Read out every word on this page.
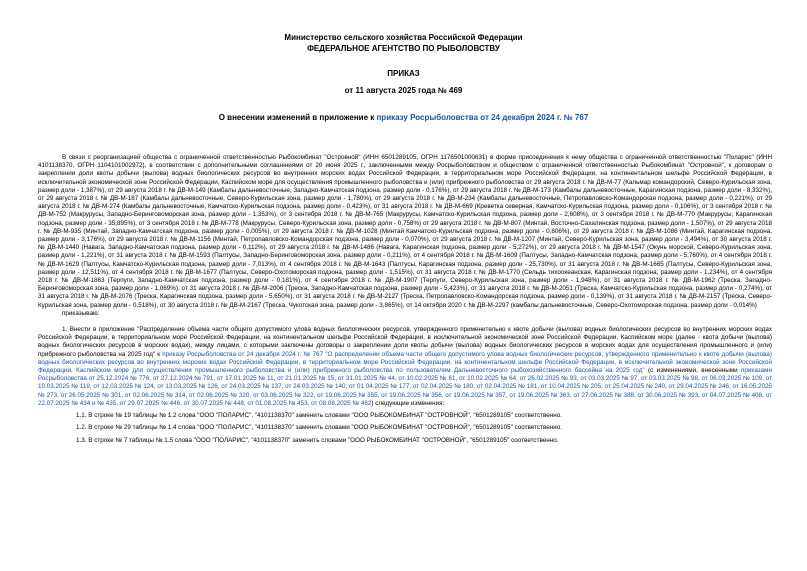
Министерство сельского хозяйства Российской Федерации
ФЕДЕРАЛЬНОЕ АГЕНТСТВО ПО РЫБОЛОВСТВУ
ПРИКАЗ
от 11 августа 2025 года № 469
О внесении изменений в приложение к приказу Росрыболовства от 24 декабря 2024 г. № 767

В связи с реорганизацией общества с ограниченной ответственностью Рыбокомбинат "Островной" (ИНН 6501289105, ОГРН 1176501000631) в форме присоединения к нему общества с ограниченной ответственностью "Поларис" (ИНН 4101138370, ОГРН 1104101002972), в соответствии с дополнительными соглашениями от 20 июня 2025 г., заключенными между Росрыболовством и обществом с ограниченной ответственностью Рыбокомбинат "Островной", к договорам о закреплении доли квоты добычи (вылова) водных биологических ресурсов во внутренних морских водах Российской Федерации, в территориальном море Российской Федерации, на континентальном шельфе Российской Федерации, в исключительной экономической зоне Российской Федерации, Каспийском море для осуществления промышленного рыболовства и (или) прибрежного рыболовства от 29 августа 2018 г. № ДВ-М-77 (Кальмар командорский, Северо-Курильская зона, размер доли - 1,387%), от 29 августа 2018 г. № ДВ-М-149 (Камбалы дальневосточные, Западно-Камчатская подзона, размер доли - 0,176%), от 29 августа 2018 г. № ДВ-М-173 (Камбалы дальневосточные, Карагинская подзона, размер доли - 8,332%), от 29 августа 2018 г. № ДВ-М-187 (Камбалы дальневосточные, Северо-Курильская зона, размер доли - 1,780%), от 29 августа 2018 г. № ДВ-М-234 (Камбалы дальневосточные, Петропавловско-Командорская подзона, размер доли - 0,221%), от 29 августа 2018 г. № ДВ-М-274 (Камбалы дальневосточные, Камчатско-Курильская подзона, размер доли - 0,423%), от 31 августа 2018 г. № ДВ-М-669 (Креветка северная, Камчатско-Курильская подзона, размер доли - 0,106%), от 3 сентября 2018 г. № ДВ-М-752 (Макрурусы, Западно-Беринговоморская зона, размер доли - 1,353%), от 3 сентября 2018 г. № ДВ-М-765 (Макрурусы, Камчатско-Курильская подзона, размер доли - 2,608%), от 3 сентября 2018 г. № ДВ-М-770 (Макрурусы, Карагинская подзона, размер доли - 35,895%), от 3 сентября 2018 г. № ДВ-М-778 (Макрурусы, Северо-Курильская зона, размер доли - 0,758%) от 29 августа 2018 г. № ДВ-М-807 (Минтай, Восточно-Сахалинская подзона, размер доли - 1,507%), от 29 августа 2018 г. № ДВ-М-935 (Минтай, Западно-Камчатская подзона, размер доли - 0,005%), от 29 августа 2018 г. № ДВ-М-1028 (Минтай Камчатско-Курильская подзона, размер доли - 0,806%), от 29 августа 2018 г. № ДВ-М-1086 (Минтай, Карагинская подзона, размер доли - 3,176%), от 29 августа 2018 г. № ДВ-М-1156 (Минтай, Петропавловско-Командорская подзона, размер доли - 0,070%), от 29 августа 2018 г. № ДВ-М-1207 (Минтай, Северо-Курильская зона, размер доли - 3,494%), от 30 августа 2018 г. № ДВ-М-1440 (Навага, Западно-Камчатская подзона, размер доли - 0,112%), от 29 августа 2018 г. № ДВ-М-1486 (Навага, Карагинская подзона, размер доли - 5,272%), от 29 августа 2018 г. № ДВ-М-1547 (Окунь морской, Северо-Курильская зона, размер доли - 1,221%), от 31 августа 2018 г. № ДВ-М-1593 (Палтусы, Западно-Беринговоморская зона, размер доли - 0,211%), от 4 сентября 2018 г. № ДВ-М-1609 (Палтусы, Западно-Камчатская подзона, размер доли - 5,760%), от 4 сентября 2018 г. № ДВ-М-1629 (Палтусы, Камчатско-Курильская подзона, размер доли - 7,013%), от 4 сентября 2018 г. № ДВ-М-1643 (Палтусы, Карагинская подзона, размер доли - 25,730%), от 31 августа 2018 г. № ДВ-М-1665 (Палтусы, Северо-Курильская зона, размер доли - 12,511%), от 4 сентября 2018 г. № ДВ-М-1677 (Палтусы, Северо-Охотоморская подзона, размер доли - 1,515%), от 31 августа 2018 г. № ДВ-М-1770 (Сельдь тихоокеанская, Карагинская подзона, размер доли - 1,234%), от 4 сентября 2018 г. № ДВ-М-1863 (Терпуги, Западно-Камчатская подзона, размер доли - 0,181%), от 4 сентября 2018 г. № ДВ-М-1907 (Терпуги, Северо-Курильская зона, размер доли - 1,948%), от 31 августа 2018 г. № ДВ-М-1962 (Треска, Западно-Беринговоморская зона, размер доли - 1,069%), от 31 августа 2018 г. № ДВ-М-2006 (Треска, Западно-Камчатская подзона, размер доли - 5,423%), от 31 августа 2018 г. № ДВ-М-2051 (Треска, Камчатско-Курильская подзона, размер доли - 0,274%), от 31 августа 2018 г. № ДВ-М-2076 (Треска, Карагинская подзона, размер доли - 5,650%), от 31 августа 2018 г. № ДВ-М-2127 (Треска, Петропавловско-Командорская подзона, размер доли - 0,139%), от 31 августа 2018 г. № ДВ-М-2157 (Треска, Северо-Курильская зона, размер доли - 0,518%), от 30 августа 2018 г. № ДВ-М-2167 (Треска, Чукотская зона, размер доли - 3,865%), от 14 октября 2020 г. № ДВ-М-2297 (камбалы дальневосточные, Северо-Охотоморская подзона, размер доли - 0,014%)

приказываю:

1. Внести в приложение "Распределение объема части общего допустимого улова водных биологических ресурсов, утвержденного применительно к квоте добычи (вылова) водных биологических ресурсов во внутренних морских водах Российской Федерации, в территориальном море Российской Федерации, на континентальном шельфе Российской Федерации, в исключительной экономической зоне Российской Федерации, Каспийском море (далее - квота добычи (вылова) водных биологических ресурсов в морских водах), между лицами, с которыми заключены договоры о закреплении доли квоты добычи (вылова) водных биологических ресурсов в морских водах для осуществления промышленного и (или) прибрежного рыболовства на 2025 год" к приказу Росрыболовства от 24 декабря 2024 г. № 767 "О распределении объема части общего допустимого улова водных биологических ресурсов, утвержденного применительно к квоте добычи (вылова) водных биологических ресурсов во внутренних морских водах Российской Федерации, в территориальном море Российской Федерации, на континентальном шельфе Российской Федерации, в исключительной экономической зоне Российской Федерации, Каспийском море для осуществления промышленного рыболовства и (или) прибрежного рыболовства по пользователям Дальневосточного рыбохозяйственного бассейна на 2025 год" (с изменениями, внесенными приказами Росрыболовства от 25.12.2024 № 776, от 27.12.2024 № 791, от 17.01.2025 № 11, от 21.01.2025 № 15, от 31.01.2025 № 44, от 10.02.2025 № 61, от 10.02.2025 № 64, от 26.02.2025 № 93, от 03.03.2025 № 97, от 03.03.2025 № 98, от 06.03.2025 № 109, от 10.03.2025 № 119, от 12.03.2025 № 124, от 13.03.2025 № 126, от 24.03.2025 № 137, от 24.03.2025 № 140, от 01.04.2025 № 177, от 02.04.2025 № 180, от 02.04.2025 № 181, от 10.04.2025 № 205, от 25.04.2025 № 240, от 29.04.2025 № 246, от 16.05.2025 № 273, от 26.05.2025 № 301, от 02.06.2025 № 314, от 02.06.2025 № 320, от 03.06.2025 № 322, от 19.06.2025 № 355, от 19.06.2025 № 356, от 19.06.2025 № 357, от 19.06.2025 № 363, от 27.06.2025 № 388, от 30.06.2025 № 393, от 04.07.2025 № 408, от 22.07.2025 № 434 и № 435, от 29.07.2025 № 446, от 30.07.2025 № 448, от 01.08.2025 № 453, от 08.08.2025 № 462) следующие изменения:

1.1. В строке № 19 таблицы № 1.2 слова "ООО "ПОЛАРИС", "4101138370" заменить словами "ООО РЫБОКОМБИНАТ "ОСТРОВНОЙ", "6501289105" соответственно.

1.2. В строке № 29 таблицы № 1.4 слова "ООО "ПОЛАРИС", "4101138370" заменить словами "ООО РЫБОКОМБИНАТ "ОСТРОВНОЙ", "6501289105" соответственно.

1.3. В строке № 7 таблицы № 1.5 слова "ООО "ПОЛАРИС", "4101138370" заменить словами "ООО РЫБОКОМБИНАТ "ОСТРОВНОЙ", "6501289105" соответственно.
